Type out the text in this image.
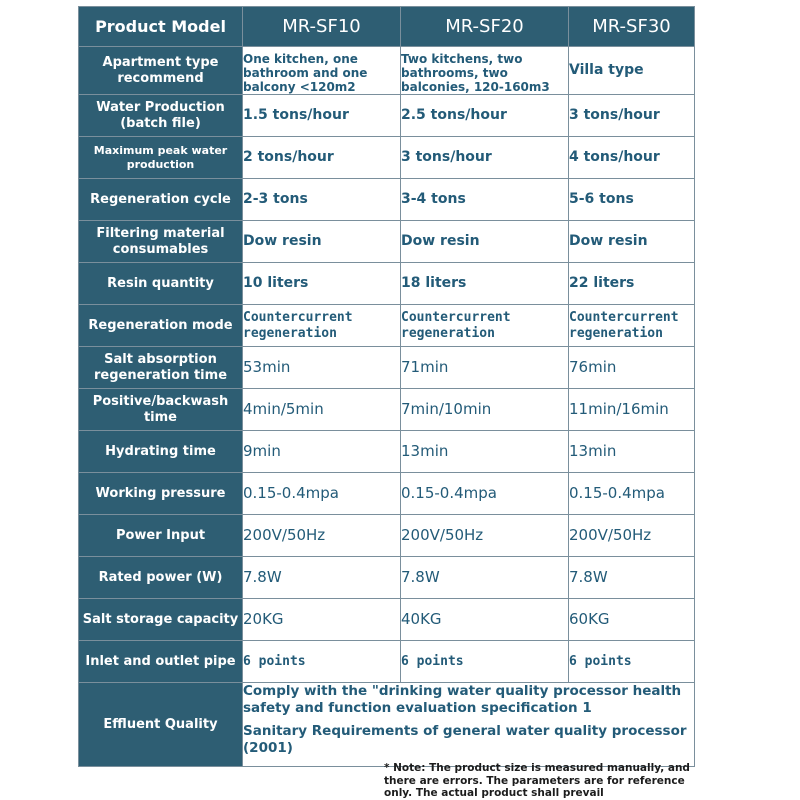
Product Model	MR-SF10	MR-SF20	MR-SF30
Apartment type recommend	One kitchen, one bathroom and one balcony <120m2	Two kitchens, two bathrooms, two balconies, 120-160m3	Villa type
Water Production (batch file)	1.5 tons/hour	2.5 tons/hour	3 tons/hour
Maximum peak water production	2 tons/hour	3 tons/hour	4 tons/hour
Regeneration cycle	2-3 tons	3-4 tons	5-6 tons
Filtering material consumables	Dow resin	Dow resin	Dow resin
Resin quantity	10 liters	18 liters	22 liters
Regeneration mode	Countercurrent regeneration	Countercurrent regeneration	Countercurrent regeneration
Salt absorption regeneration time	53min	71min	76min
Positive/backwash time	4min/5min	7min/10min	11min/16min
Hydrating time	9min	13min	13min
Working pressure	0.15-0.4mpa	0.15-0.4mpa	0.15-0.4mpa
Power Input	200V/50Hz	200V/50Hz	200V/50Hz
Rated power (W)	7.8W	7.8W	7.8W
Salt storage capacity	20KG	40KG	60KG
Inlet and outlet pipe	6 points	6 points	6 points
Effluent Quality	Comply with the "drinking water quality processor health safety and function evaluation specification 1

Sanitary Requirements of general water quality processor (2001)		

* Note: The product size is measured manually, and there are errors. The parameters are for reference only. The actual product shall prevail
